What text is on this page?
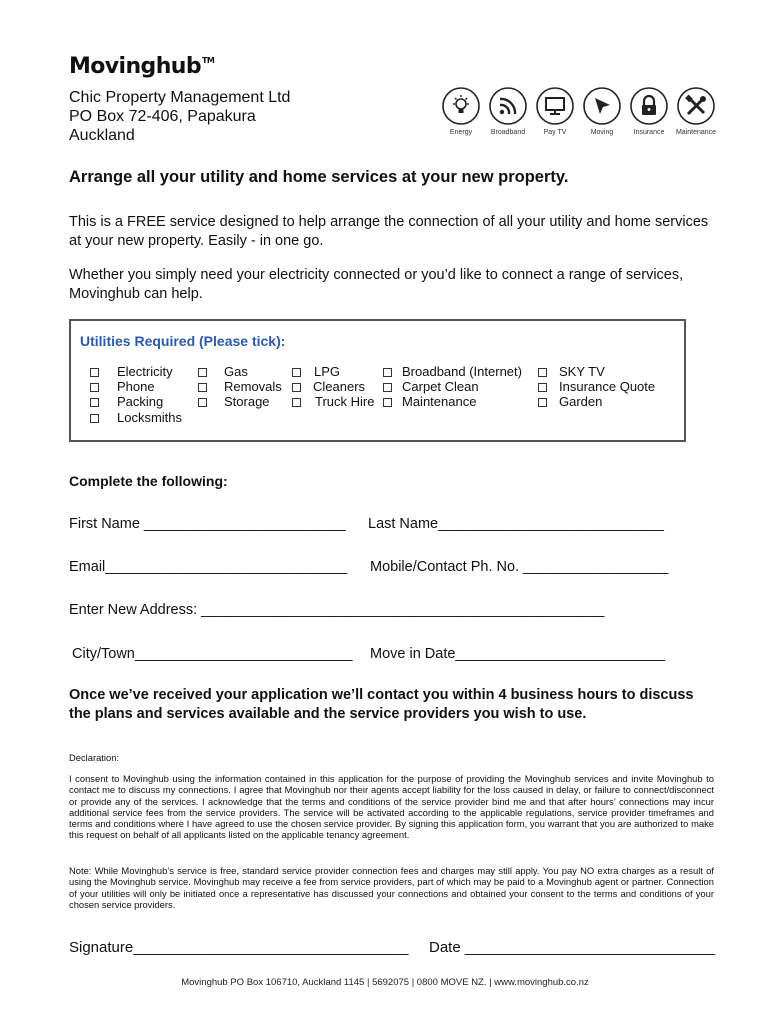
Movinghub™
Chic Property Management Ltd
PO Box 72-406, Papakura
Auckland	Energy	Broadband	Pay TV	Moving	Insurance	Maintenance
Arrange all your utility and home services at your new property.
This is a FREE service designed to help arrange the connection of all your utility and home services at your new property. Easily - in one go.
Whether you simply need your electricity connected or you’d like to connect a range of services, Movinghub can help.
Utilities Required (Please tick):
Electricity
Phone
Packing
Locksmiths
Gas
Removals
Storage
LPG
Cleaners
Truck Hire
Broadband (Internet)
Carpet Clean
Maintenance
SKY TV
Insurance Quote
Garden
Complete the following:
First Name _________________________ Last Name____________________________
Email______________________________ Mobile/Contact Ph. No. __________________
Enter New Address: __________________________________________________
City/Town___________________________ Move in Date__________________________
Once we’ve received your application we’ll contact you within 4 business hours to discuss the plans and services available and the service providers you wish to use.
Declaration:
I consent to Movinghub using the information contained in this application for the purpose of providing the Movinghub services and invite Movinghub to contact me to discuss my connections. I agree that Movinghub nor their agents accept liability for the loss caused in delay, or failure to connect/disconnect or provide any of the services. I acknowledge that the terms and conditions of the service provider bind me and that after hours’ connections may incur additional service fees from the service providers. The service will be activated according to the applicable regulations, service provider timeframes and terms and conditions where I have agreed to use the chosen service provider. By signing this application form, you warrant that you are authorized to make this request on behalf of all applicants listed on the applicable tenancy agreement.
Note: While Movinghub’s service is free, standard service provider connection fees and charges may still apply. You pay NO extra charges as a result of using the Movinghub service. Movinghub may receive a fee from service providers, part of which may be paid to a Movinghub agent or partner. Connection of your utilities will only be initiated once a representative has discussed your connections and obtained your consent to the terms and conditions of your chosen service providers.
Signature_________________________________ Date ______________________________
Movinghub PO Box 106710, Auckland 1145 | 5692075 | 0800 MOVE NZ. | www.movinghub.co.nz
